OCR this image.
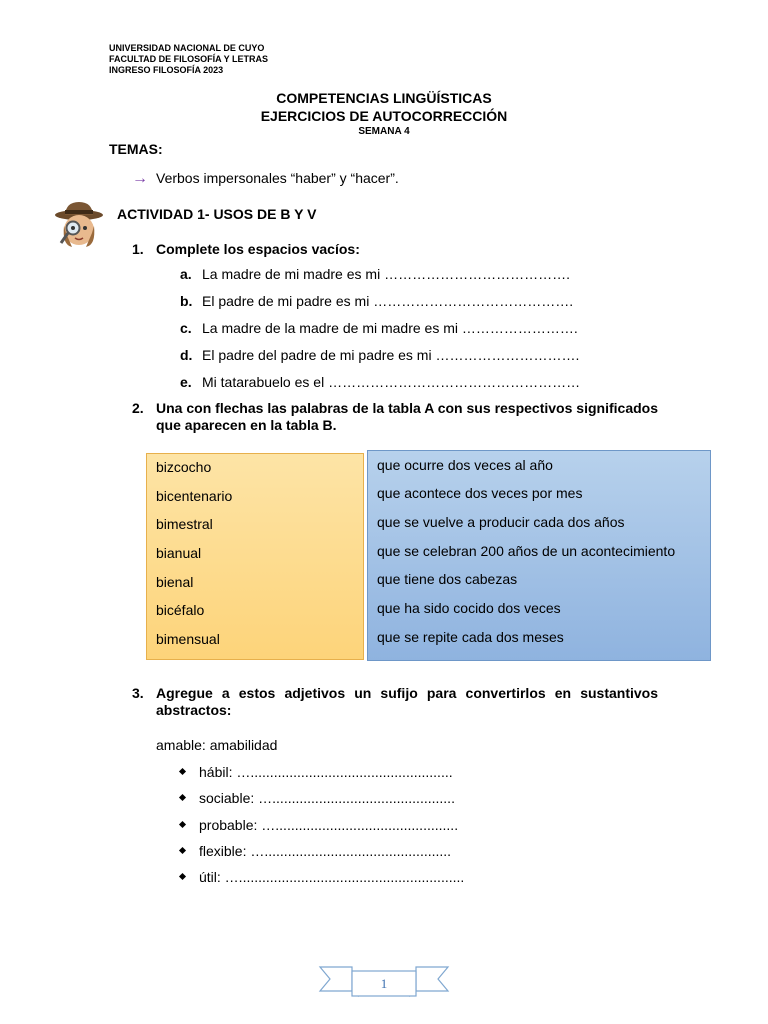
UNIVERSIDAD NACIONAL DE CUYO
FACULTAD DE FILOSOFÍA Y LETRAS
INGRESO FILOSOFÍA 2023
COMPETENCIAS LINGÜÍSTICAS
EJERCICIOS DE AUTOCORRECCIÓN
SEMANA 4
TEMAS:
→ Verbos impersonales “haber” y “hacer”.
ACTIVIDAD 1- USOS DE B Y V
1. Complete los espacios vacíos:
a. La madre de mi madre es mi ………………………………….
b. El padre de mi padre es mi …………………………………….
c. La madre de la madre de mi madre es mi …………………….
d. El padre del padre de mi padre es mi ………………………….
e. Mi tatarabuelo es el ………………………………………………
2. Una con flechas las palabras de la tabla A con sus respectivos significados que aparecen en la tabla B.
bizcocho
bicentenario
bimestral
bianual
bienal
bicéfalo
bimensual
que ocurre dos veces al año
que acontece dos veces por mes
que se vuelve a producir cada dos años
que se celebran 200 años de un acontecimiento
que tiene dos cabezas
que ha sido cocido dos veces
que se repite cada dos meses
3. Agregue a estos adjetivos un sufijo para convertirlos en sustantivos abstractos:
amable: amabilidad
hábil: …....................................................
sociable: …...............................................
probable: …...............................................
flexible: …................................................
útil: …..........................................................
1
